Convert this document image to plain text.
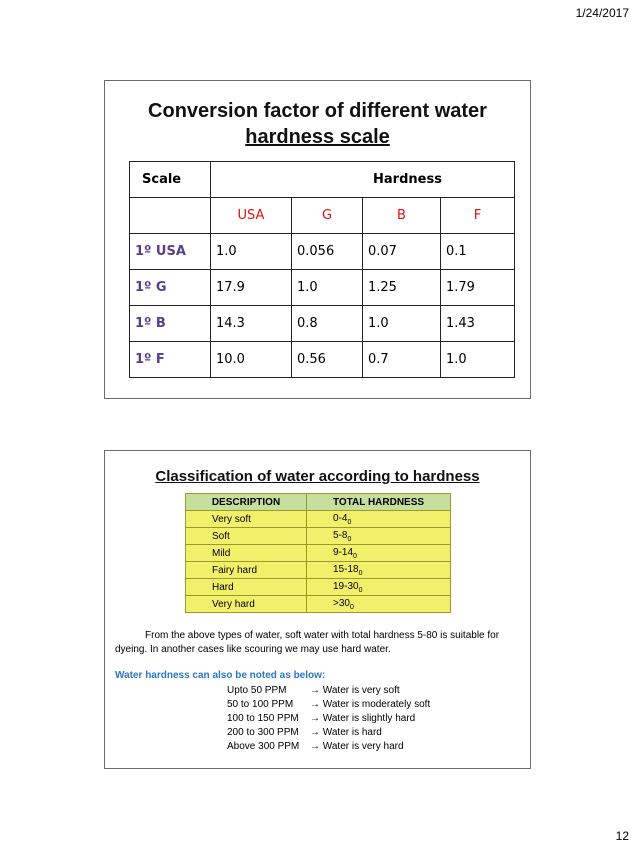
1/24/2017
Conversion factor of different water
hardness scale
Scale	Hardness			
	USA	G	B	F
1º USA	1.0	0.056	0.07	0.1
1º G	17.9	1.0	1.25	1.79
1º B	14.3	0.8	1.0	1.43
1º F	10.0	0.56	0.7	1.0
Classification of water according to hardness
DESCRIPTION	TOTAL HARDNESS
Very soft	$0-4_0$
Soft	$5-8_0$
Mild	$9-14_0$
Fairy hard	$15-18_0$
Hard	$19-30_0$
Very hard	$>30_0$
From the above types of water, soft water with total hardness 5-80 is suitable for dyeing. In another cases like scouring we may use hard water.
Water hardness can also be noted as below:
Upto 50 PPM → Water is very soft
50 to 100 PPM → Water is moderately soft
100 to 150 PPM → Water is slightly hard
200 to 300 PPM → Water is hard
Above 300 PPM → Water is very hard
12
